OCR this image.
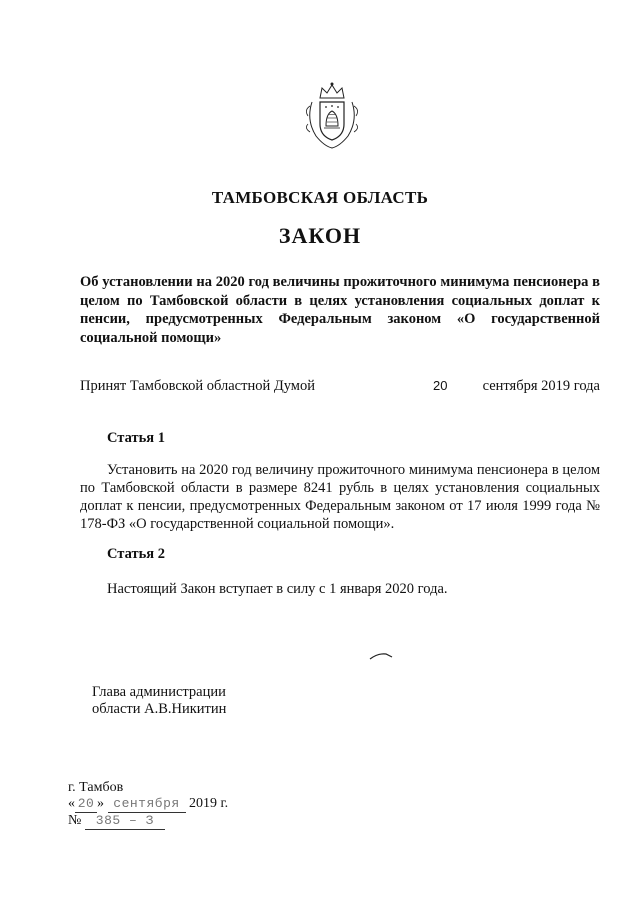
ТАМБОВСКАЯ ОБЛАСТЬ
ЗАКОН
Об установлении на 2020 год величины прожиточного минимума пенсионера в целом по Тамбовской области в целях установления социальных доплат к пенсии, предусмотренных Федеральным законом «О государственной социальной помощи»
Принят Тамбовской областной Думой	20 сентября 2019 года
Статья 1
Установить на 2020 год величину прожиточного минимума пенсионера в целом по Тамбовской области в размере 8241 рубль в целях установления социальных доплат к пенсии, предусмотренных Федеральным законом от 17 июля 1999 года № 178-ФЗ «О государственной социальной помощи».
Статья 2
Настоящий Закон вступает в силу с 1 января 2020 года.
Глава администрации
области А.В.Никитин
г. Тамбов
« 20 » сентября 2019 г.
№ 385 – З
